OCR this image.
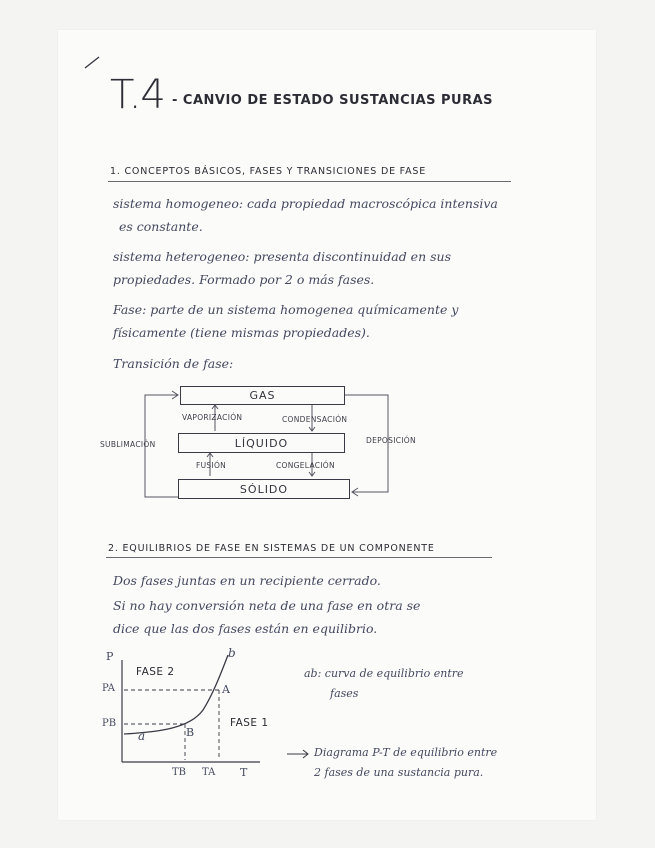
T.4 - CANVIO DE ESTADO SUSTANCIAS PURAS
1. CONCEPTOS BÁSICOS, FASES Y TRANSICIONES DE FASE
sistema homogeneo: cada propiedad macroscópica intensiva
es constante.
sistema heterogeneo: presenta discontinuidad en sus
propiedades. Formado por 2 o más fases.
Fase: parte de un sistema homogenea químicamente y
físicamente (tiene mismas propiedades).
Transición de fase:
GAS
LÍQUIDO
SÓLIDO
VAPORIZACIÓN	CONDENSACIÓN
FUSIÓN	CONGELACIÓN
SUBLIMACIÓN	DEPOSICIÓN
2. EQUILIBRIOS DE FASE EN SISTEMAS DE UN COMPONENTE
Dos fases juntas en un recipiente cerrado.
Si no hay conversión neta de una fase en otra se
dice que las dos fases están en equilibrio.
P
T
PA
PB
TB TA
A
B
a
b
FASE 2
FASE 1
ab: curva de equilibrio entre
fases
Diagrama P-T de equilibrio entre
2 fases de una sustancia pura.
